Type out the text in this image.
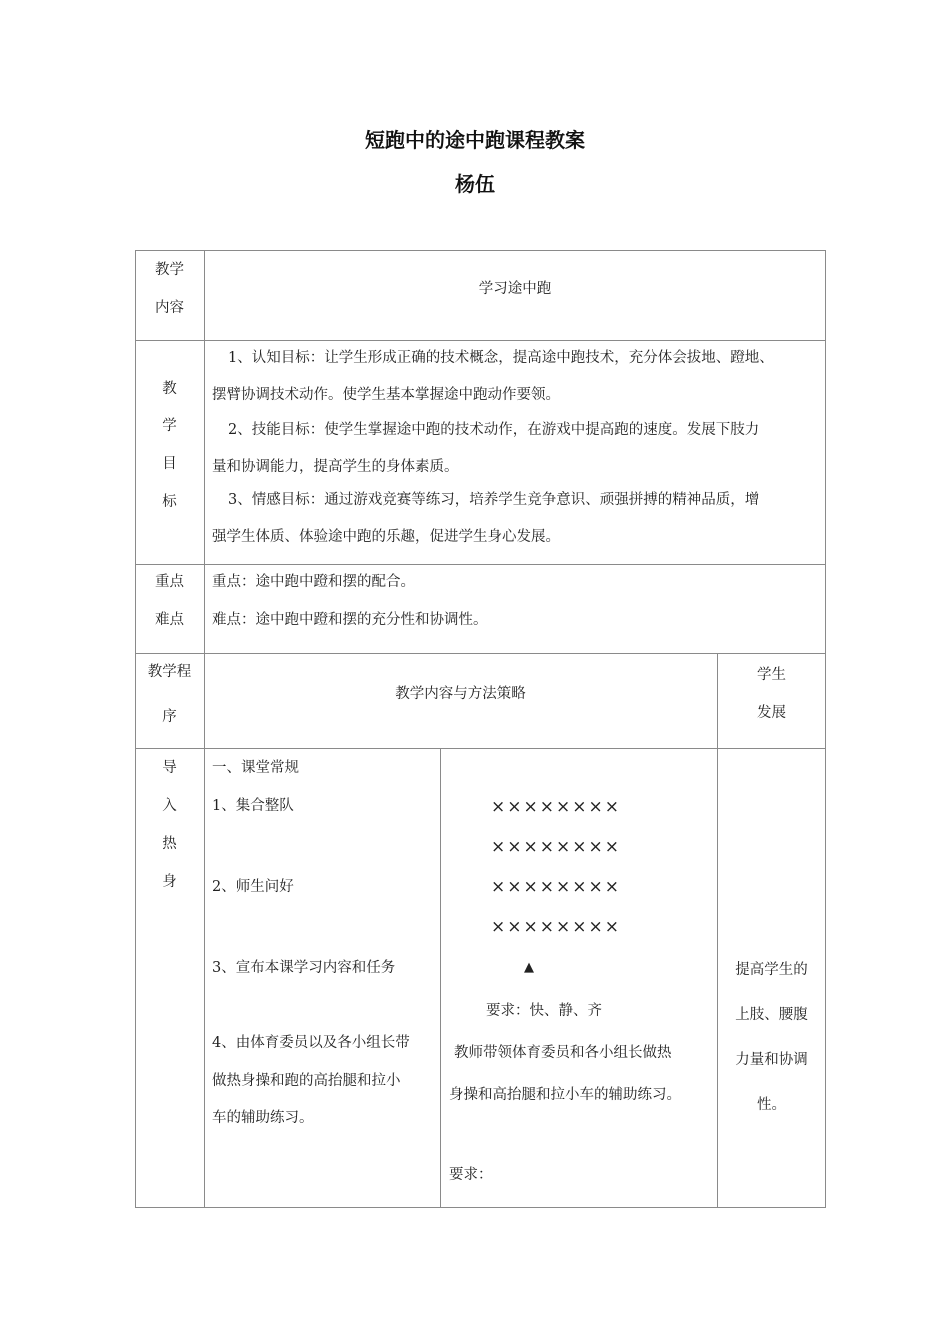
短跑中的途中跑课程教案
杨伍
教学
内容
学习途中跑
教
学
目
标
1、认知目标：让学生形成正确的技术概念，提高途中跑技术，充分体会拔地、蹬地、
摆臂协调技术动作。使学生基本掌握途中跑动作要领。
2、技能目标：使学生掌握途中跑的技术动作，在游戏中提高跑的速度。发展下肢力
量和协调能力，提高学生的身体素质。
3、情感目标：通过游戏竞赛等练习，培养学生竞争意识、顽强拼搏的精神品质，增
强学生体质、体验途中跑的乐趣，促进学生身心发展。
重点
难点
重点：途中跑中蹬和摆的配合。
难点：途中跑中蹬和摆的充分性和协调性。
教学程
序
教学内容与方法策略
学生
发展
导
入
热
身
一、课堂常规
1、集合整队
2、师生问好
3、宣布本课学习内容和任务
4、由体育委员以及各小组长带
做热身操和跑的高抬腿和拉小
车的辅助练习。
××××××××
××××××××
××××××××
××××××××
▲
要求：快、静、齐
教师带领体育委员和各小组长做热
身操和高抬腿和拉小车的辅助练习。
要求：
提高学生的
上肢、腰腹
力量和协调
性。
